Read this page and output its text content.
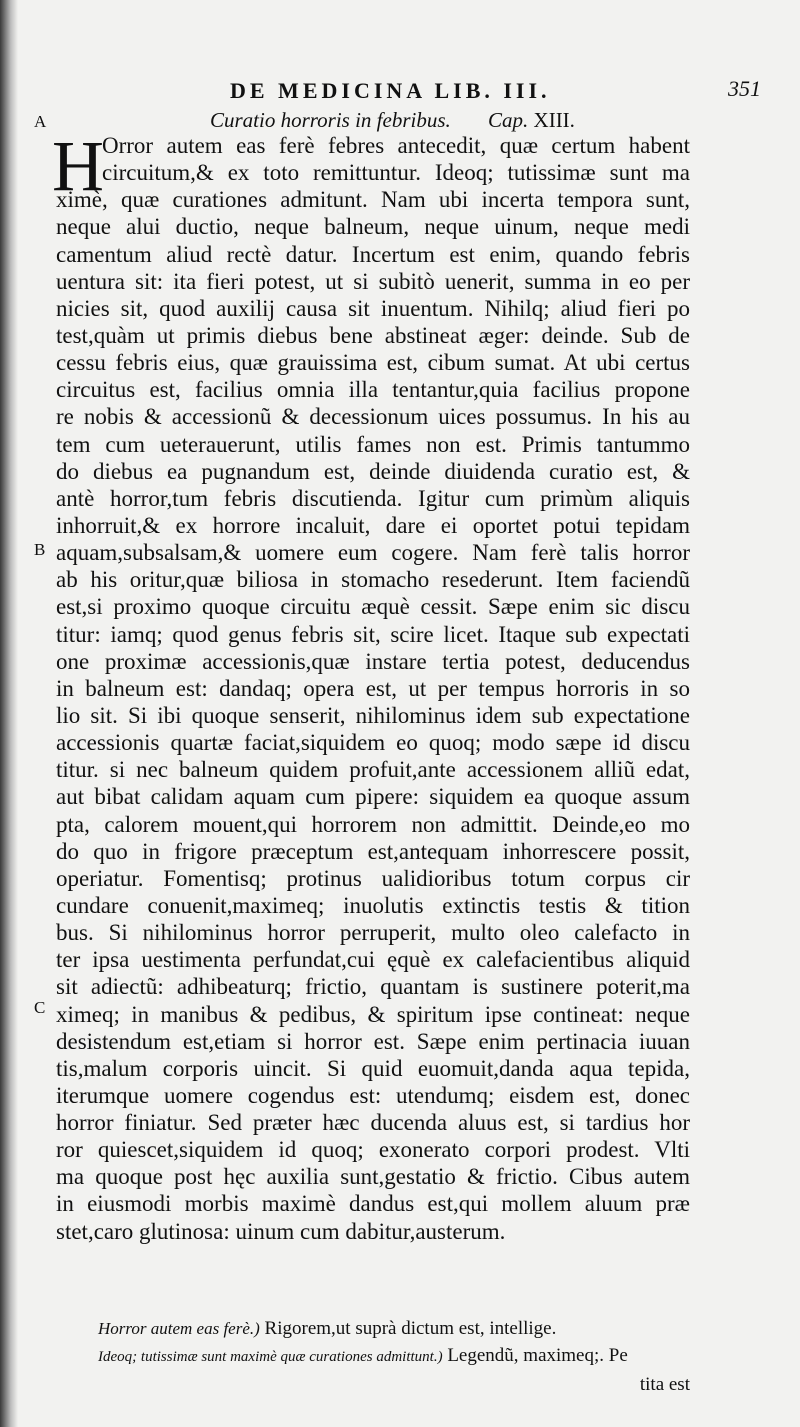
DE MEDICINA LIB. III.	351
A
B
C
Curatio horroris in febribus. Cap. XIII.
H
Orror autem eas ferè febres antecedit, quæ certum habent
circuitum,& ex toto remittuntur. Ideoq; tutissimæ sunt ma
ximè, quæ curationes admitunt. Nam ubi incerta tempora sunt,
neque alui ductio, neque balneum, neque uinum, neque medi
camentum aliud rectè datur. Incertum est enim, quando febris
uentura sit: ita fieri potest, ut si subitò uenerit, summa in eo per
nicies sit, quod auxilij causa sit inuentum. Nihilq; aliud fieri po
test,quàm ut primis diebus bene abstineat æger: deinde. Sub de
cessu febris eius, quæ grauissima est, cibum sumat. At ubi certus
circuitus est, facilius omnia illa tentantur,quia facilius propone
re nobis & accessionũ & decessionum uices possumus. In his au
tem cum ueterauerunt, utilis fames non est. Primis tantummo
do diebus ea pugnandum est, deinde diuidenda curatio est, &
antè horror,tum febris discutienda. Igitur cum primùm aliquis
inhorruit,& ex horrore incaluit, dare ei oportet potui tepidam
aquam,subsalsam,& uomere eum cogere. Nam ferè talis horror
ab his oritur,quæ biliosa in stomacho resederunt. Item faciendũ
est,si proximo quoque circuitu æquè cessit. Sæpe enim sic discu
titur: iamq; quod genus febris sit, scire licet. Itaque sub expectati
one proximæ accessionis,quæ instare tertia potest, deducendus
in balneum est: dandaq; opera est, ut per tempus horroris in so
lio sit. Si ibi quoque senserit, nihilominus idem sub expectatione
accessionis quartæ faciat,siquidem eo quoq; modo sæpe id discu
titur. si nec balneum quidem profuit,ante accessionem alliũ edat,
aut bibat calidam aquam cum pipere: siquidem ea quoque assum
pta, calorem mouent,qui horrorem non admittit. Deinde,eo mo
do quo in frigore præceptum est,antequam inhorrescere possit,
operiatur. Fomentisq; protinus ualidioribus totum corpus cir
cundare conuenit,maximeq; inuolutis extinctis testis & tition
bus. Si nihilominus horror perruperit, multo oleo calefacto in
ter ipsa uestimenta perfundat,cui ęquè ex calefacientibus aliquid
sit adiectũ: adhibeaturq; frictio, quantam is sustinere poterit,ma
ximeq; in manibus & pedibus, & spiritum ipse contineat: neque
desistendum est,etiam si horror est. Sæpe enim pertinacia iuuan
tis,malum corporis uincit. Si quid euomuit,danda aqua tepida,
iterumque uomere cogendus est: utendumq; eisdem est, donec
horror finiatur. Sed præter hæc ducenda aluus est, si tardius hor
ror quiescet,siquidem id quoq; exonerato corpori prodest. Vlti
ma quoque post hęc auxilia sunt,gestatio & frictio. Cibus autem
in eiusmodi morbis maximè dandus est,qui mollem aluum præ
stet,caro glutinosa: uinum cum dabitur,austerum.
Horror autem eas ferè.) Rigorem,ut suprà dictum est, intellige.
Ideoq; tutissimæ sunt maximè quæ curationes admittunt.) Legendũ, maximeq;. Pe
tita est
